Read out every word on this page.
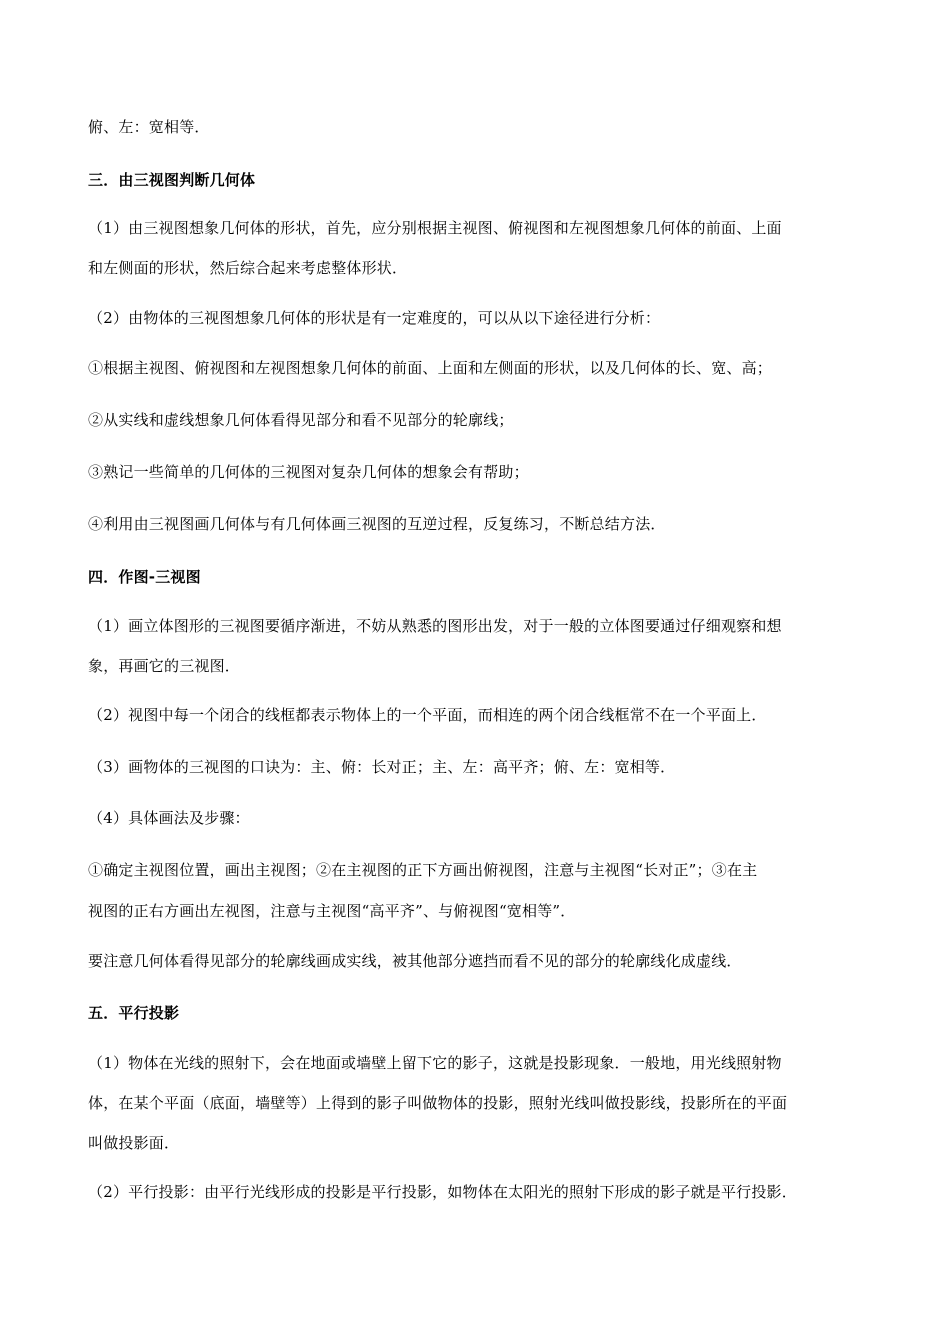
俯、左：宽相等．
三．由三视图判断几何体
（1）由三视图想象几何体的形状，首先，应分别根据主视图、俯视图和左视图想象几何体的前面、上面
和左侧面的形状，然后综合起来考虑整体形状．
（2）由物体的三视图想象几何体的形状是有一定难度的，可以从以下途径进行分析：
①根据主视图、俯视图和左视图想象几何体的前面、上面和左侧面的形状，以及几何体的长、宽、高；
②从实线和虚线想象几何体看得见部分和看不见部分的轮廓线；
③熟记一些简单的几何体的三视图对复杂几何体的想象会有帮助；
④利用由三视图画几何体与有几何体画三视图的互逆过程，反复练习，不断总结方法．
四．作图-三视图
（1）画立体图形的三视图要循序渐进，不妨从熟悉的图形出发，对于一般的立体图要通过仔细观察和想
象，再画它的三视图．
（2）视图中每一个闭合的线框都表示物体上的一个平面，而相连的两个闭合线框常不在一个平面上．
（3）画物体的三视图的口诀为：主、俯：长对正；主、左：高平齐；俯、左：宽相等．
（4）具体画法及步骤：
①确定主视图位置，画出主视图；②在主视图的正下方画出俯视图，注意与主视图“长对正”；③在主
视图的正右方画出左视图，注意与主视图“高平齐”、与俯视图“宽相等”．
要注意几何体看得见部分的轮廓线画成实线，被其他部分遮挡而看不见的部分的轮廓线化成虚线．
五．平行投影
（1）物体在光线的照射下，会在地面或墙壁上留下它的影子，这就是投影现象．一般地，用光线照射物
体，在某个平面（底面，墙壁等）上得到的影子叫做物体的投影，照射光线叫做投影线，投影所在的平面
叫做投影面．
（2）平行投影：由平行光线形成的投影是平行投影，如物体在太阳光的照射下形成的影子就是平行投影．
